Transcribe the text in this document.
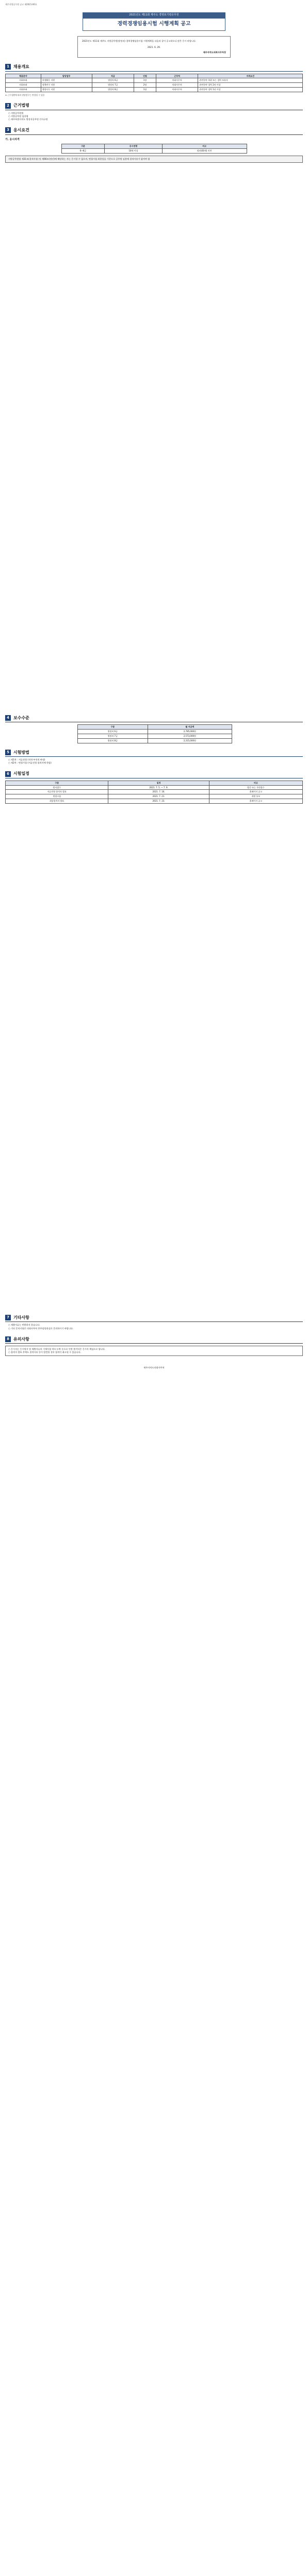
제주지방공무원 공고 제2021-00호
2021년도 제11회 제주도 경영포기령공무원
경력경쟁임용시험 시행계획 공고

2021년도 제11회 제주도 지방공무원(별정직) 경력경쟁임용시험 시행계획을 다음과 같이 공고하오니 많은 응시 바랍니다.

2021. 6. 29.
제주자치도의회사무처장
1	채용개요
채용분야	담당업무	직급	인원	근무처	자격요건
의회보좌	의정활동 지원	별정직 6급	1명	의회사무처	관련분야 학위 또는 경력 보유자
의회보좌	정책연구 지원	별정직 7급	2명	의회사무처	관련분야 경력 2년 이상
의회보좌	행정사무 지원	별정직 8급	1명	의회사무처	관련분야 경력 1년 이상

※ 근무상황에 따라 담당업무는 변경될 수 있음

2	근거법령

○ 지방공무원법

○ 지방공무원 임용령

○ 제주특별자치도 별정직공무원 인사규정

3	응시요건
가. 응시자격
구분	응시연령	비고
6~8급	18세 이상	정년(60세) 미만

지방공무원법 제31조(결격사유) 및 제66조(정년)에 해당하는 자는 응시할 수 없으며, 면접시험 최종일을 기준으로 공무원 임용에 결격사유가 없어야 함

4	보수수준
구분	월 지급액
별정직 6급	2,785,000원
별정직 7급	2,573,000원
별정직 8급	2,315,000원
5	시험방법

○ 제1차 : 서류전형 (적격·부적격 판정)

○ 제2차 : 면접시험 (서류전형 합격자에 한함)

6	시험일정
구분	일정	비고
원서접수	2021. 7. 5. ~ 7. 9.	방문 또는 우편접수
서류전형 합격자 발표	2021. 7. 16.	홈페이지 공고
면접시험	2021. 7. 21.	개별 통보
최종합격자 발표	2021. 7. 23.	홈페이지 공고
7	기타사항

○ 제출서류는 반환하지 않습니다.

○ 기타 문의사항은 의회사무처 총무담당관실로 문의하시기 바랍니다.

8	유의사항

○ 응시자는 응시원서 및 제출서류의 기재사항 착오·누락 등으로 인한 불이익은 응시자 책임으로 합니다.

○ 합격자 발표 후에도 결격사유 등이 발견될 경우 합격이 취소될 수 있습니다.

제주자치도의회사무처
